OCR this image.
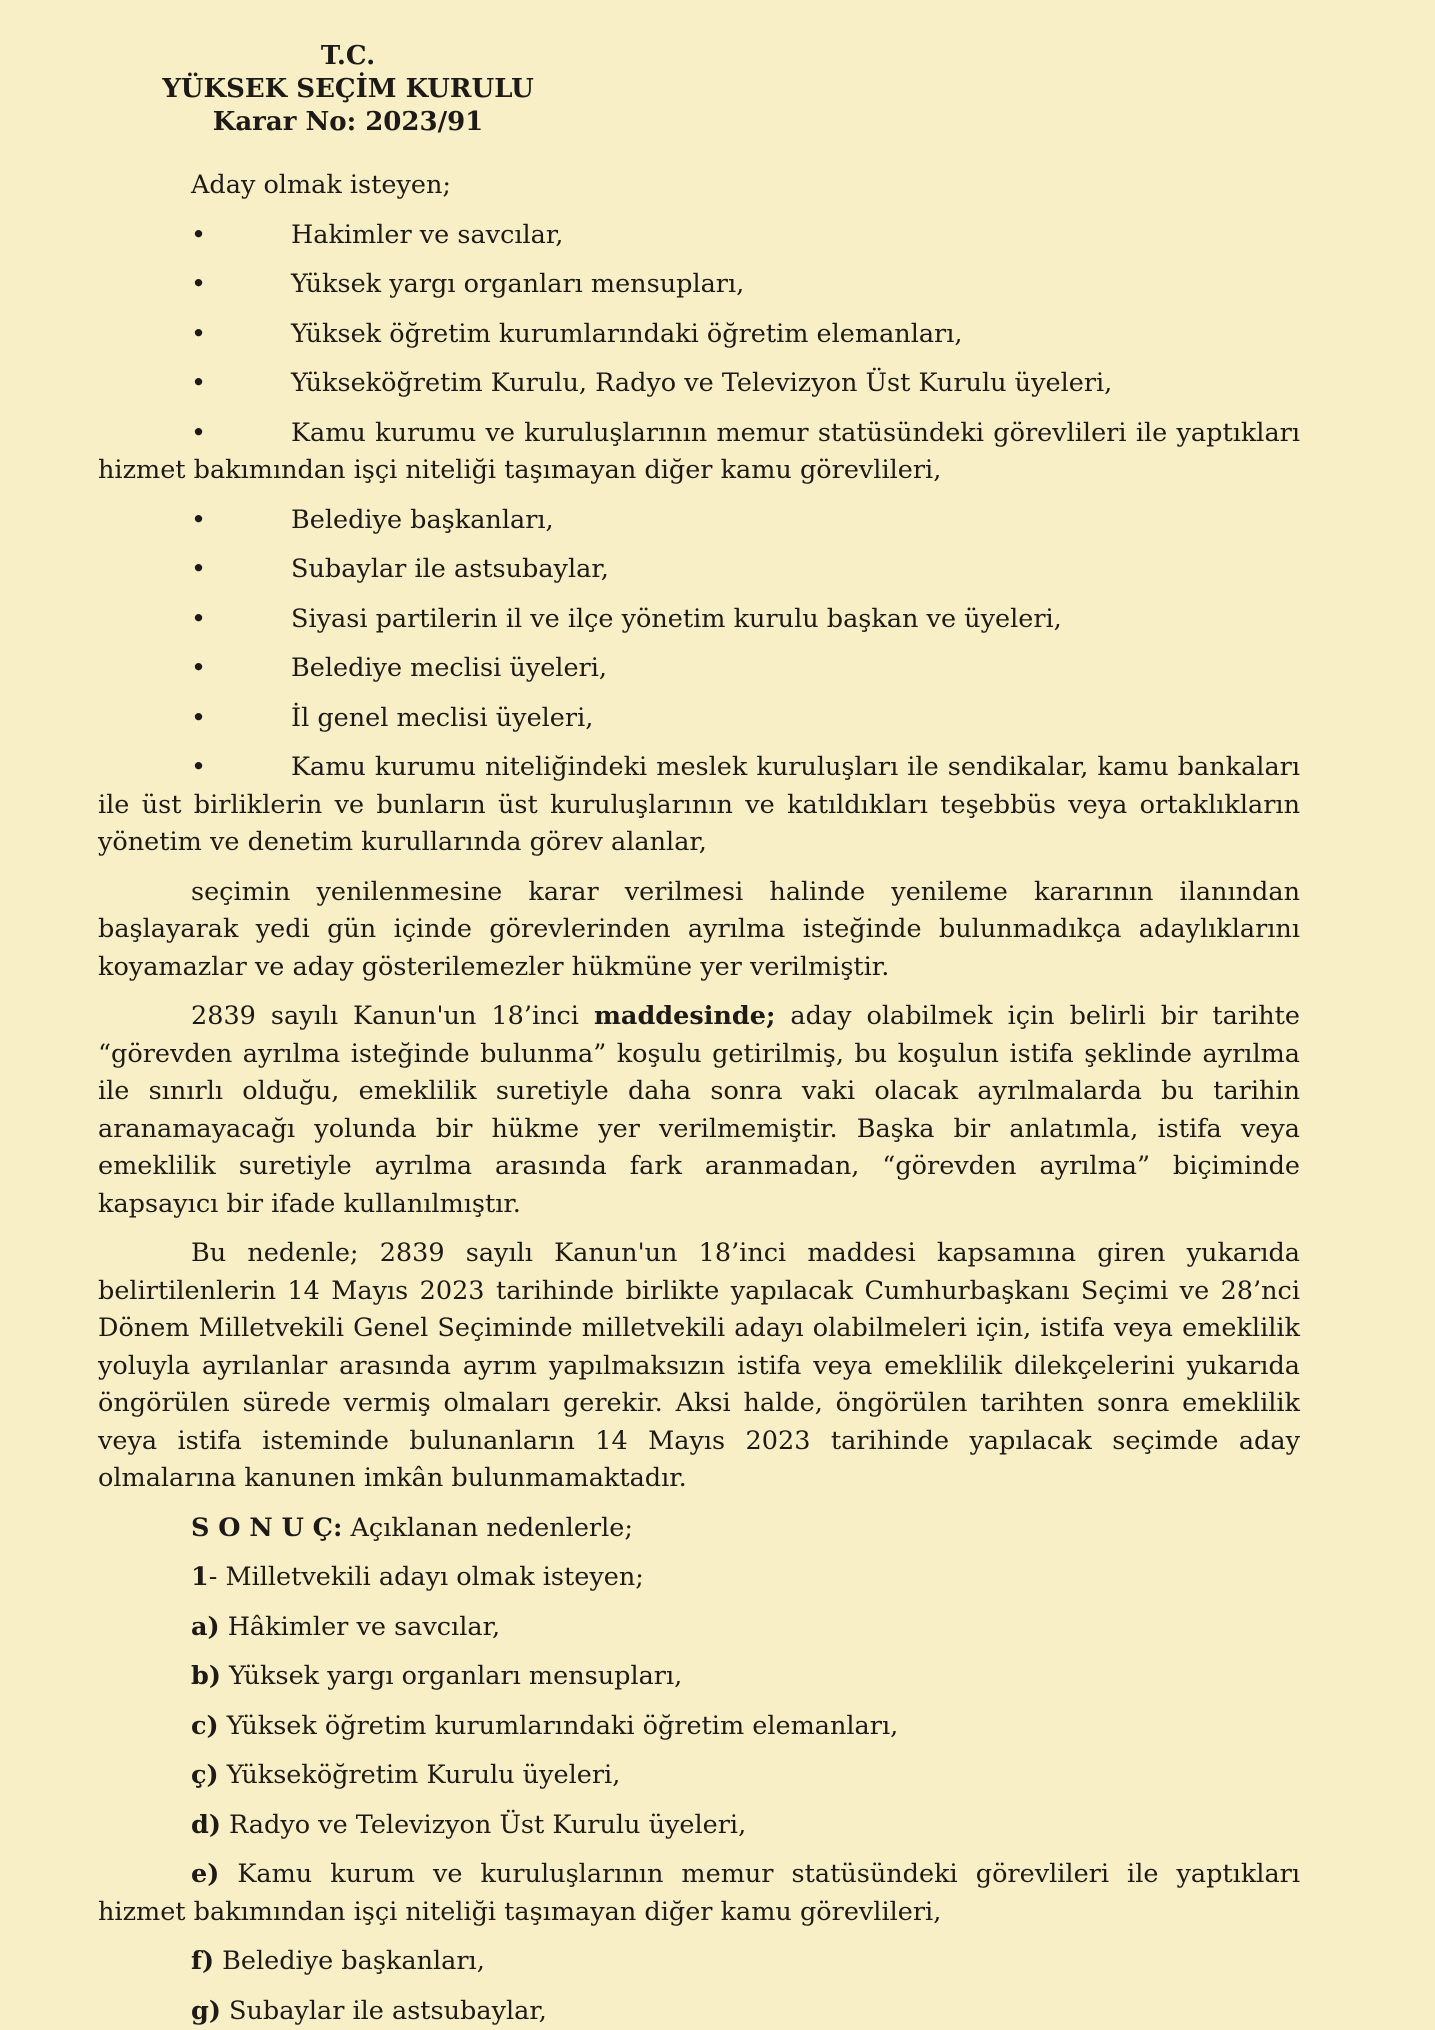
T.C.
YÜKSEK SEÇİM KURULU
Karar No: 2023/91

Aday olmak isteyen;

•	Hakimler ve savcılar,

•	Yüksek yargı organları mensupları,

•	Yüksek öğretim kurumlarındaki öğretim elemanları,

•	Yükseköğretim Kurulu, Radyo ve Televizyon Üst Kurulu üyeleri,

•	Kamu kurumu ve kuruluşlarının memur statüsündeki görevlileri ile yaptıkları hizmet bakımından işçi niteliği taşımayan diğer kamu görevlileri,

•	Belediye başkanları,

•	Subaylar ile astsubaylar,

•	Siyasi partilerin il ve ilçe yönetim kurulu başkan ve üyeleri,

•	Belediye meclisi üyeleri,

•	İl genel meclisi üyeleri,

•	Kamu kurumu niteliğindeki meslek kuruluşları ile sendikalar, kamu bankaları ile üst birliklerin ve bunların üst kuruluşlarının ve katıldıkları teşebbüs veya ortaklıkların yönetim ve denetim kurullarında görev alanlar,

seçimin yenilenmesine karar verilmesi halinde yenileme kararının ilanından başlayarak yedi gün içinde görevlerinden ayrılma isteğinde bulunmadıkça adaylıklarını koyamazlar ve aday gösterilemezler hükmüne yer verilmiştir.

2839 sayılı Kanun'un 18’inci maddesinde; aday olabilmek için belirli bir tarihte “görevden ayrılma isteğinde bulunma” koşulu getirilmiş, bu koşulun istifa şeklinde ayrılma ile sınırlı olduğu, emeklilik suretiyle daha sonra vaki olacak ayrılmalarda bu tarihin aranamayacağı yolunda bir hükme yer verilmemiştir. Başka bir anlatımla, istifa veya emeklilik suretiyle ayrılma arasında fark aranmadan, “görevden ayrılma” biçiminde kapsayıcı bir ifade kullanılmıştır.

Bu nedenle; 2839 sayılı Kanun'un 18’inci maddesi kapsamına giren yukarıda belirtilenlerin 14 Mayıs 2023 tarihinde birlikte yapılacak Cumhurbaşkanı Seçimi ve 28’nci Dönem Milletvekili Genel Seçiminde milletvekili adayı olabilmeleri için, istifa veya emeklilik yoluyla ayrılanlar arasında ayrım yapılmaksızın istifa veya emeklilik dilekçelerini yukarıda öngörülen sürede vermiş olmaları gerekir. Aksi halde, öngörülen tarihten sonra emeklilik veya istifa isteminde bulunanların 14 Mayıs 2023 tarihinde yapılacak seçimde aday olmalarına kanunen imkân bulunmamaktadır.

S O N U Ç: Açıklanan nedenlerle;

1- Milletvekili adayı olmak isteyen;

a) Hâkimler ve savcılar,

b) Yüksek yargı organları mensupları,

c) Yüksek öğretim kurumlarındaki öğretim elemanları,

ç) Yükseköğretim Kurulu üyeleri,

d) Radyo ve Televizyon Üst Kurulu üyeleri,

e) Kamu kurum ve kuruluşlarının memur statüsündeki görevlileri ile yaptıkları hizmet bakımından işçi niteliği taşımayan diğer kamu görevlileri,

f) Belediye başkanları,

g) Subaylar ile astsubaylar,
